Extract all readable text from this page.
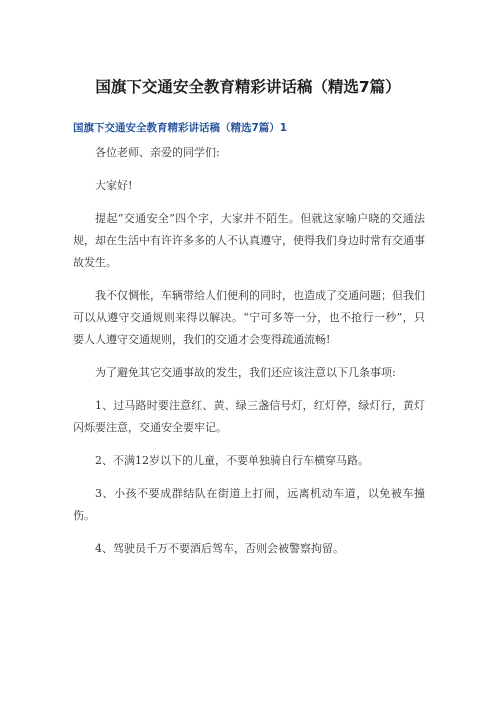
国旗下交通安全教育精彩讲话稿（精选7篇）
国旗下交通安全教育精彩讲话稿（精选7篇）1

各位老师、亲爱的同学们:

大家好!

提起“交通安全”四个字，大家并不陌生。但就这家喻户晓的交通法规，却在生活中有许许多多的人不认真遵守，使得我们身边时常有交通事故发生。

我不仅惆怅，车辆带给人们便利的同时，也造成了交通问题；但我们可以从遵守交通规则来得以解决。“宁可多等一分，也不抢行一秒”，只要人人遵守交通规则，我们的交通才会变得疏通流畅!

为了避免其它交通事故的发生，我们还应该注意以下几条事项:

1、过马路时要注意红、黄、绿三盏信号灯，红灯停，绿灯行，黄灯闪烁要注意，交通安全要牢记。

2、不满12岁以下的儿童，不要单独骑自行车横穿马路。

3、小孩不要成群结队在街道上打闹，远离机动车道，以免被车撞伤。

4、驾驶员千万不要酒后驾车，否则会被警察拘留。
